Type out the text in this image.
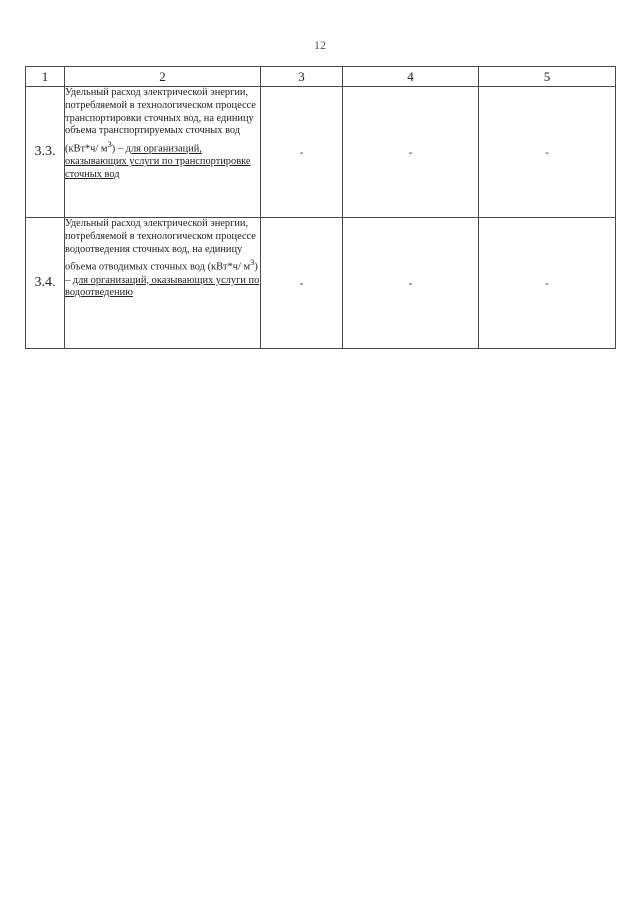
12
1	2	3	4	5
3.3.	Удельный расход электрической энергии, потребляемой в технологическом процессе транспортировки сточных вод, на единицу объема транспортируемых сточных вод (кВт*ч/ $м^3$) – для организаций, оказывающих услуги по транспортировке сточных вод	-	-	-
3.4.	Удельный расход электрической энергии, потребляемой в технологическом процессе водоотведения сточных вод, на единицу объема отводимых сточных вод (кВт*ч/ $м^3$) – для организаций, оказывающих услуги по водоотведению	-	-	-
